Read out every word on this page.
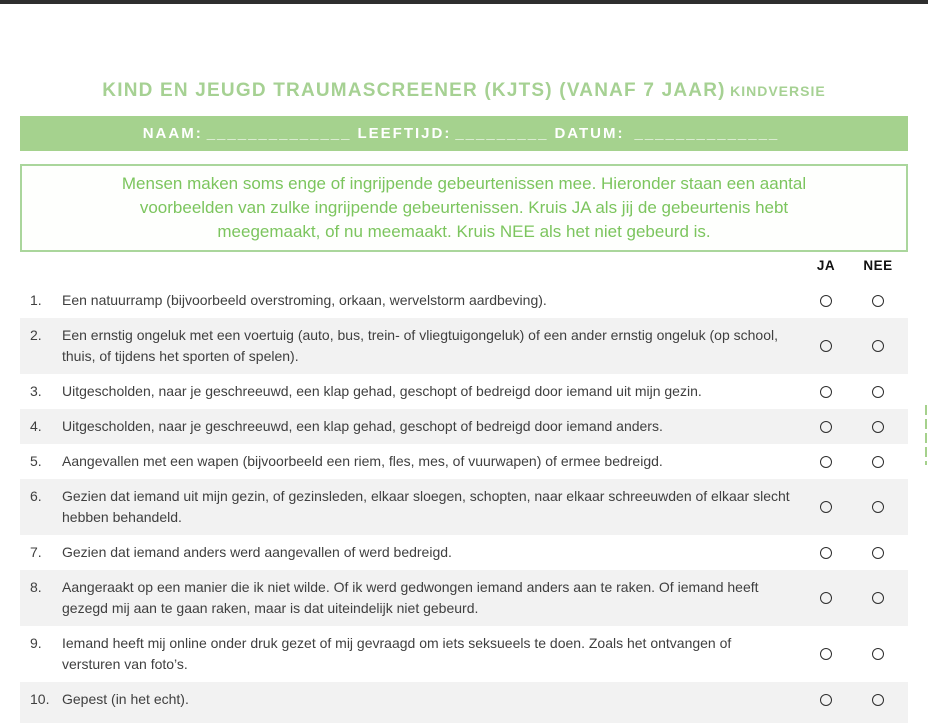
KIND EN JEUGD TRAUMASCREENER (KJTS) (VANAF 7 JAAR) KINDVERSIE
NAAM: ______________ LEEFTIJD: _________ DATUM: ______________
Mensen maken soms enge of ingrijpende gebeurtenissen mee. Hieronder staan een aantal
voorbeelden van zulke ingrijpende gebeurtenissen. Kruis JA als jij de gebeurtenis hebt
meegemaakt, of nu meemaakt. Kruis NEE als het niet gebeurd is.
JA	NEE
1.	Een natuurramp (bijvoorbeeld overstroming, orkaan, wervelstorm aardbeving).
2.	Een ernstig ongeluk met een voertuig (auto, bus, trein- of vliegtuigongeluk) of een ander ernstig ongeluk (op school, thuis, of tijdens het sporten of spelen).
3.	Uitgescholden, naar je geschreeuwd, een klap gehad, geschopt of bedreigd door iemand uit mijn gezin.
4.	Uitgescholden, naar je geschreeuwd, een klap gehad, geschopt of bedreigd door iemand anders.
5.	Aangevallen met een wapen (bijvoorbeeld een riem, fles, mes, of vuurwapen) of ermee bedreigd.
6.	Gezien dat iemand uit mijn gezin, of gezinsleden, elkaar sloegen, schopten, naar elkaar schreeuwden of elkaar slecht hebben behandeld.
7.	Gezien dat iemand anders werd aangevallen of werd bedreigd.
8.	Aangeraakt op een manier die ik niet wilde. Of ik werd gedwongen iemand anders aan te raken. Of iemand heeft gezegd mij aan te gaan raken, maar is dat uiteindelijk niet gebeurd.
9.	Iemand heeft mij online onder druk gezet of mij gevraagd om iets seksueels te doen. Zoals het ontvangen of versturen van foto’s.
10. Gepest (in het echt).
